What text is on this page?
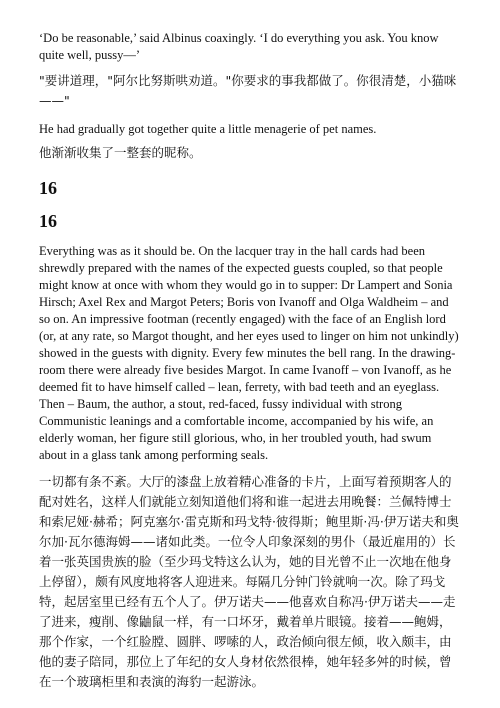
‘Do be reasonable,’ said Albinus coaxingly. ‘I do everything you ask. You know quite well, pussy—’

"要讲道理，"阿尔比努斯哄劝道。"你要求的事我都做了。你很清楚，小猫咪——"

He had gradually got together quite a little menagerie of pet names.

他渐渐收集了一整套的昵称。

16
16

Everything was as it should be. On the lacquer tray in the hall cards had been shrewdly prepared with the names of the expected guests coupled, so that people might know at once with whom they would go in to supper: Dr Lampert and Sonia Hirsch; Axel Rex and Margot Peters; Boris von Ivanoff and Olga Waldheim – and so on. An impressive footman (recently engaged) with the face of an English lord (or, at any rate, so Margot thought, and her eyes used to linger on him not unkindly) showed in the guests with dignity. Every few minutes the bell rang. In the drawing-room there were already five besides Margot. In came Ivanoff – von Ivanoff, as he deemed fit to have himself called – lean, ferrety, with bad teeth and an eyeglass. Then – Baum, the author, a stout, red-faced, fussy individual with strong Communistic leanings and a comfortable income, accompanied by his wife, an elderly woman, her figure still glorious, who, in her troubled youth, had swum about in a glass tank among performing seals.

一切都有条不紊。大厅的漆盘上放着精心准备的卡片，上面写着预期客人的配对姓名，这样人们就能立刻知道他们将和谁一起进去用晚餐：兰佩特博士和索尼娅·赫希；阿克塞尔·雷克斯和玛戈特·彼得斯；鲍里斯·冯·伊万诺夫和奥尔加·瓦尔德海姆——诸如此类。一位令人印象深刻的男仆（最近雇用的）长着一张英国贵族的脸（至少玛戈特这么认为，她的目光曾不止一次地在他身上停留），颇有风度地将客人迎进来。每隔几分钟门铃就响一次。除了玛戈特，起居室里已经有五个人了。伊万诺夫——他喜欢自称冯·伊万诺夫——走了进来，瘦削、像鼬鼠一样，有一口坏牙，戴着单片眼镜。接着——鲍姆，那个作家，一个红脸膛、圆胖、啰嗦的人，政治倾向很左倾，收入颇丰，由他的妻子陪同，那位上了年纪的女人身材依然很棒，她年轻多舛的时候，曾在一个玻璃柜里和表演的海豹一起游泳。
